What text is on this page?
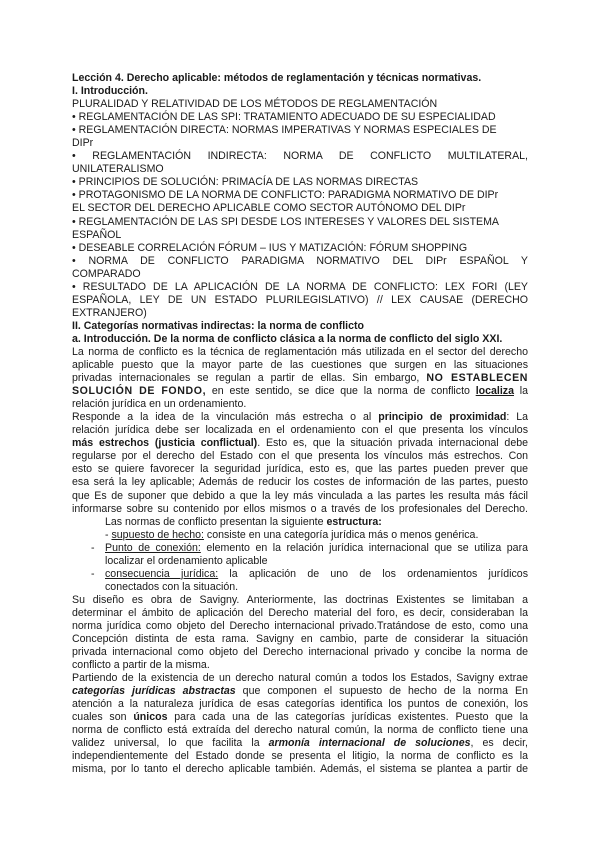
Lección 4. Derecho aplicable: métodos de reglamentación y técnicas normativas.
I. Introducción.
PLURALIDAD Y RELATIVIDAD DE LOS MÉTODOS DE REGLAMENTACIÓN
• REGLAMENTACIÓN DE LAS SPI: TRATAMIENTO ADECUADO DE SU ESPECIALIDAD
• REGLAMENTACIÓN DIRECTA: NORMAS IMPERATIVAS Y NORMAS ESPECIALES DE
DIPr
• REGLAMENTACIÓN INDIRECTA: NORMA DE CONFLICTO MULTILATERAL,
UNILATERALISMO
• PRINCIPIOS DE SOLUCIÓN: PRIMACÍA DE LAS NORMAS DIRECTAS
• PROTAGONISMO DE LA NORMA DE CONFLICTO: PARADIGMA NORMATIVO DE DIPr
EL SECTOR DEL DERECHO APLICABLE COMO SECTOR AUTÓNOMO DEL DIPr
• REGLAMENTACIÓN DE LAS SPI DESDE LOS INTERESES Y VALORES DEL SISTEMA
ESPAÑOL
• DESEABLE CORRELACIÓN FÓRUM – IUS Y MATIZACIÓN: FÓRUM SHOPPING
• NORMA DE CONFLICTO PARADIGMA NORMATIVO DEL DIPr ESPAÑOL Y
COMPARADO
• RESULTADO DE LA APLICACIÓN DE LA NORMA DE CONFLICTO: LEX FORI (LEY
ESPAÑOLA, LEY DE UN ESTADO PLURILEGISLATIVO) // LEX CAUSAE (DERECHO
EXTRANJERO)
II. Categorías normativas indirectas: la norma de conflicto
a. Introducción. De la norma de conflicto clásica a la norma de conflicto del siglo XXI.
La norma de conflicto es la técnica de reglamentación más utilizada en el sector del derecho
aplicable puesto que la mayor parte de las cuestiones que surgen en las situaciones
privadas internacionales se regulan a partir de ellas. Sin embargo, NO ESTABLECEN
SOLUCIÓN DE FONDO, en este sentido, se dice que la norma de conflicto localiza la
relación jurídica en un ordenamiento.
Responde a la idea de la vinculación más estrecha o al principio de proximidad: La
relación jurídica debe ser localizada en el ordenamiento con el que presenta los vínculos
más estrechos (justicia conflictual). Esto es, que la situación privada internacional debe
regularse por el derecho del Estado con el que presenta los vínculos más estrechos. Con
esto se quiere favorecer la seguridad jurídica, esto es, que las partes pueden prever que
esa será la ley aplicable; Además de reducir los costes de información de las partes, puesto
que Es de suponer que debido a que la ley más vinculada a las partes les resulta más fácil
informarse sobre su contenido por ellos mismos o a través de los profesionales del Derecho.
Las normas de conflicto presentan la siguiente estructura:
- supuesto de hecho: consiste en una categoría jurídica más o menos genérica.
- Punto de conexión: elemento en la relación jurídica internacional que se utiliza para
localizar el ordenamiento aplicable
- consecuencia jurídica: la aplicación de uno de los ordenamientos jurídicos
conectados con la situación.
Su diseño es obra de Savigny. Anteriormente, las doctrinas Existentes se limitaban a
determinar el ámbito de aplicación del Derecho material del foro, es decir, consideraban la
norma jurídica como objeto del Derecho internacional privado.Tratándose de esto, como una
Concepción distinta de esta rama. Savigny en cambio, parte de considerar la situación
privada internacional como objeto del Derecho internacional privado y concibe la norma de
conflicto a partir de la misma.
Partiendo de la existencia de un derecho natural común a todos los Estados, Savigny extrae
categorías jurídicas abstractas que componen el supuesto de hecho de la norma En
atención a la naturaleza jurídica de esas categorías identifica los puntos de conexión, los
cuales son únicos para cada una de las categorías jurídicas existentes. Puesto que la
norma de conflicto está extraída del derecho natural común, la norma de conflicto tiene una
validez universal, lo que facilita la armonía internacional de soluciones, es decir,
independientemente del Estado donde se presenta el litigio, la norma de conflicto es la
misma, por lo tanto el derecho aplicable también. Además, el sistema se plantea a partir de
